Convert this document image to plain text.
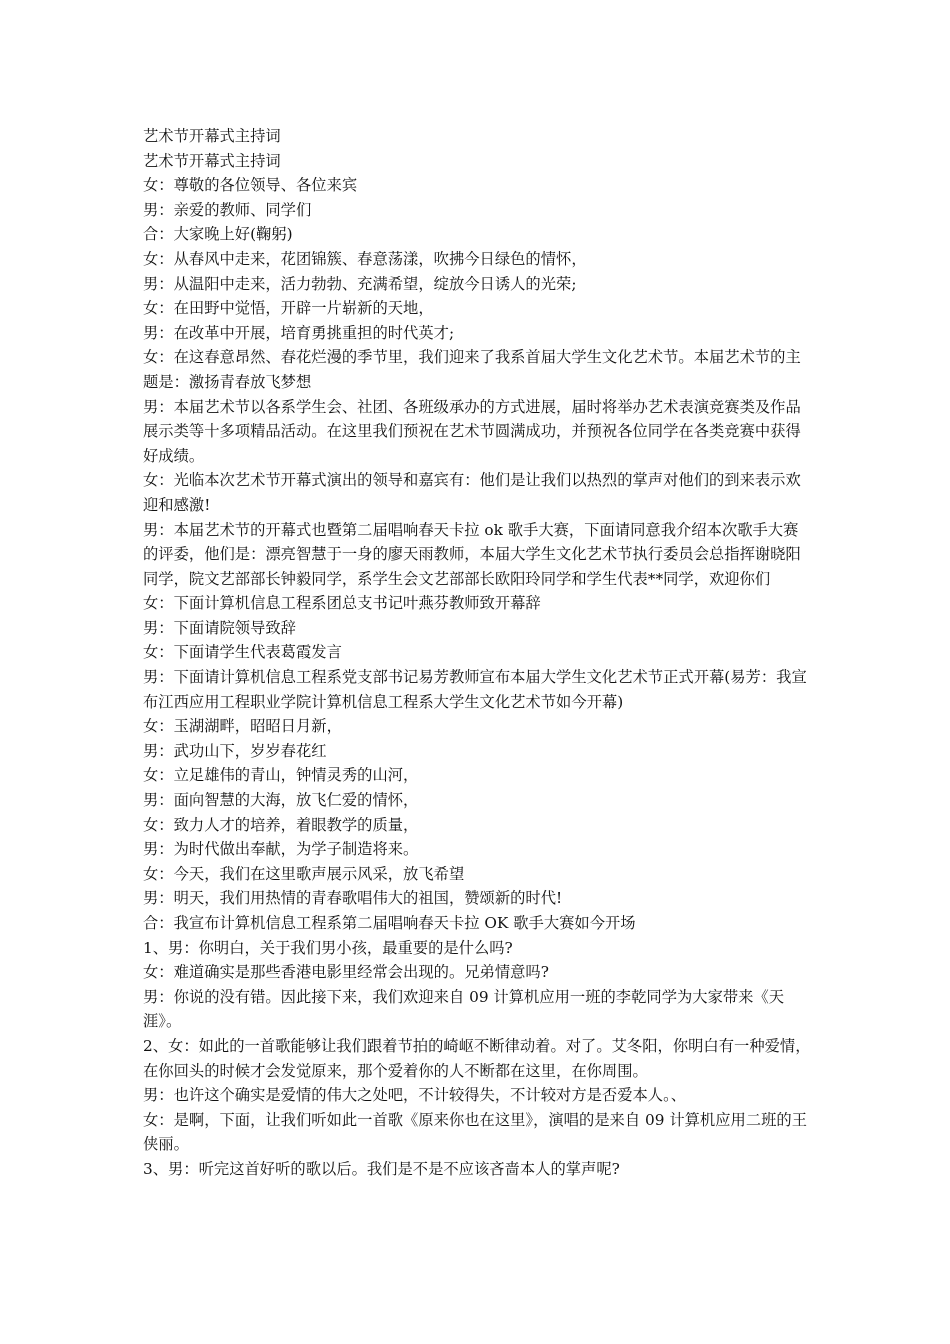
艺术节开幕式主持词

艺术节开幕式主持词

女：尊敬的各位领导、各位来宾

男：亲爱的教师、同学们

合：大家晚上好(鞠躬)

女：从春风中走来，花团锦簇、春意荡漾，吹拂今日绿色的情怀，

男：从温阳中走来，活力勃勃、充满希望，绽放今日诱人的光荣;

女：在田野中觉悟，开辟一片崭新的天地，

男：在改革中开展，培育勇挑重担的时代英才;

女：在这春意昂然、春花烂漫的季节里，我们迎来了我系首届大学生文化艺术节。本届艺术节的主题是：激扬青春放飞梦想

男：本届艺术节以各系学生会、社团、各班级承办的方式进展，届时将举办艺术表演竞赛类及作品展示类等十多项精品活动。在这里我们预祝在艺术节圆满成功，并预祝各位同学在各类竞赛中获得好成绩。

女：光临本次艺术节开幕式演出的领导和嘉宾有：他们是让我们以热烈的掌声对他们的到来表示欢迎和感激!

男：本届艺术节的开幕式也暨第二届唱响春天卡拉 ok 歌手大赛，下面请同意我介绍本次歌手大赛的评委，他们是：漂亮智慧于一身的廖天雨教师，本届大学生文化艺术节执行委员会总指挥谢晓阳同学，院文艺部部长钟毅同学，系学生会文艺部部长欧阳玲同学和学生代表**同学，欢迎你们

女：下面计算机信息工程系团总支书记叶燕芬教师致开幕辞

男：下面请院领导致辞

女：下面请学生代表葛霞发言

男：下面请计算机信息工程系党支部书记易芳教师宣布本届大学生文化艺术节正式开幕(易芳：我宣布江西应用工程职业学院计算机信息工程系大学生文化艺术节如今开幕)

女：玉湖湖畔，昭昭日月新，

男：武功山下，岁岁春花红

女：立足雄伟的青山，钟情灵秀的山河，

男：面向智慧的大海，放飞仁爱的情怀，

女：致力人才的培养，着眼教学的质量，

男：为时代做出奉献，为学子制造将来。

女：今天，我们在这里歌声展示风采，放飞希望

男：明天，我们用热情的青春歌唱伟大的祖国，赞颂新的时代!

合：我宣布计算机信息工程系第二届唱响春天卡拉 OK 歌手大赛如今开场

1、男：你明白，关于我们男小孩，最重要的是什么吗?

女：难道确实是那些香港电影里经常会出现的。兄弟情意吗?

男：你说的没有错。因此接下来，我们欢迎来自 09 计算机应用一班的李乾同学为大家带来《天涯》。

2、女：如此的一首歌能够让我们跟着节拍的崎岖不断律动着。对了。艾冬阳，你明白有一种爱情，在你回头的时候才会发觉原来，那个爱着你的人不断都在这里，在你周围。

男：也许这个确实是爱情的伟大之处吧，不计较得失，不计较对方是否爱本人。、

女：是啊，下面，让我们听如此一首歌《原来你也在这里》，演唱的是来自 09 计算机应用二班的王侠丽。

3、男：听完这首好听的歌以后。我们是不是不应该吝啬本人的掌声呢?
